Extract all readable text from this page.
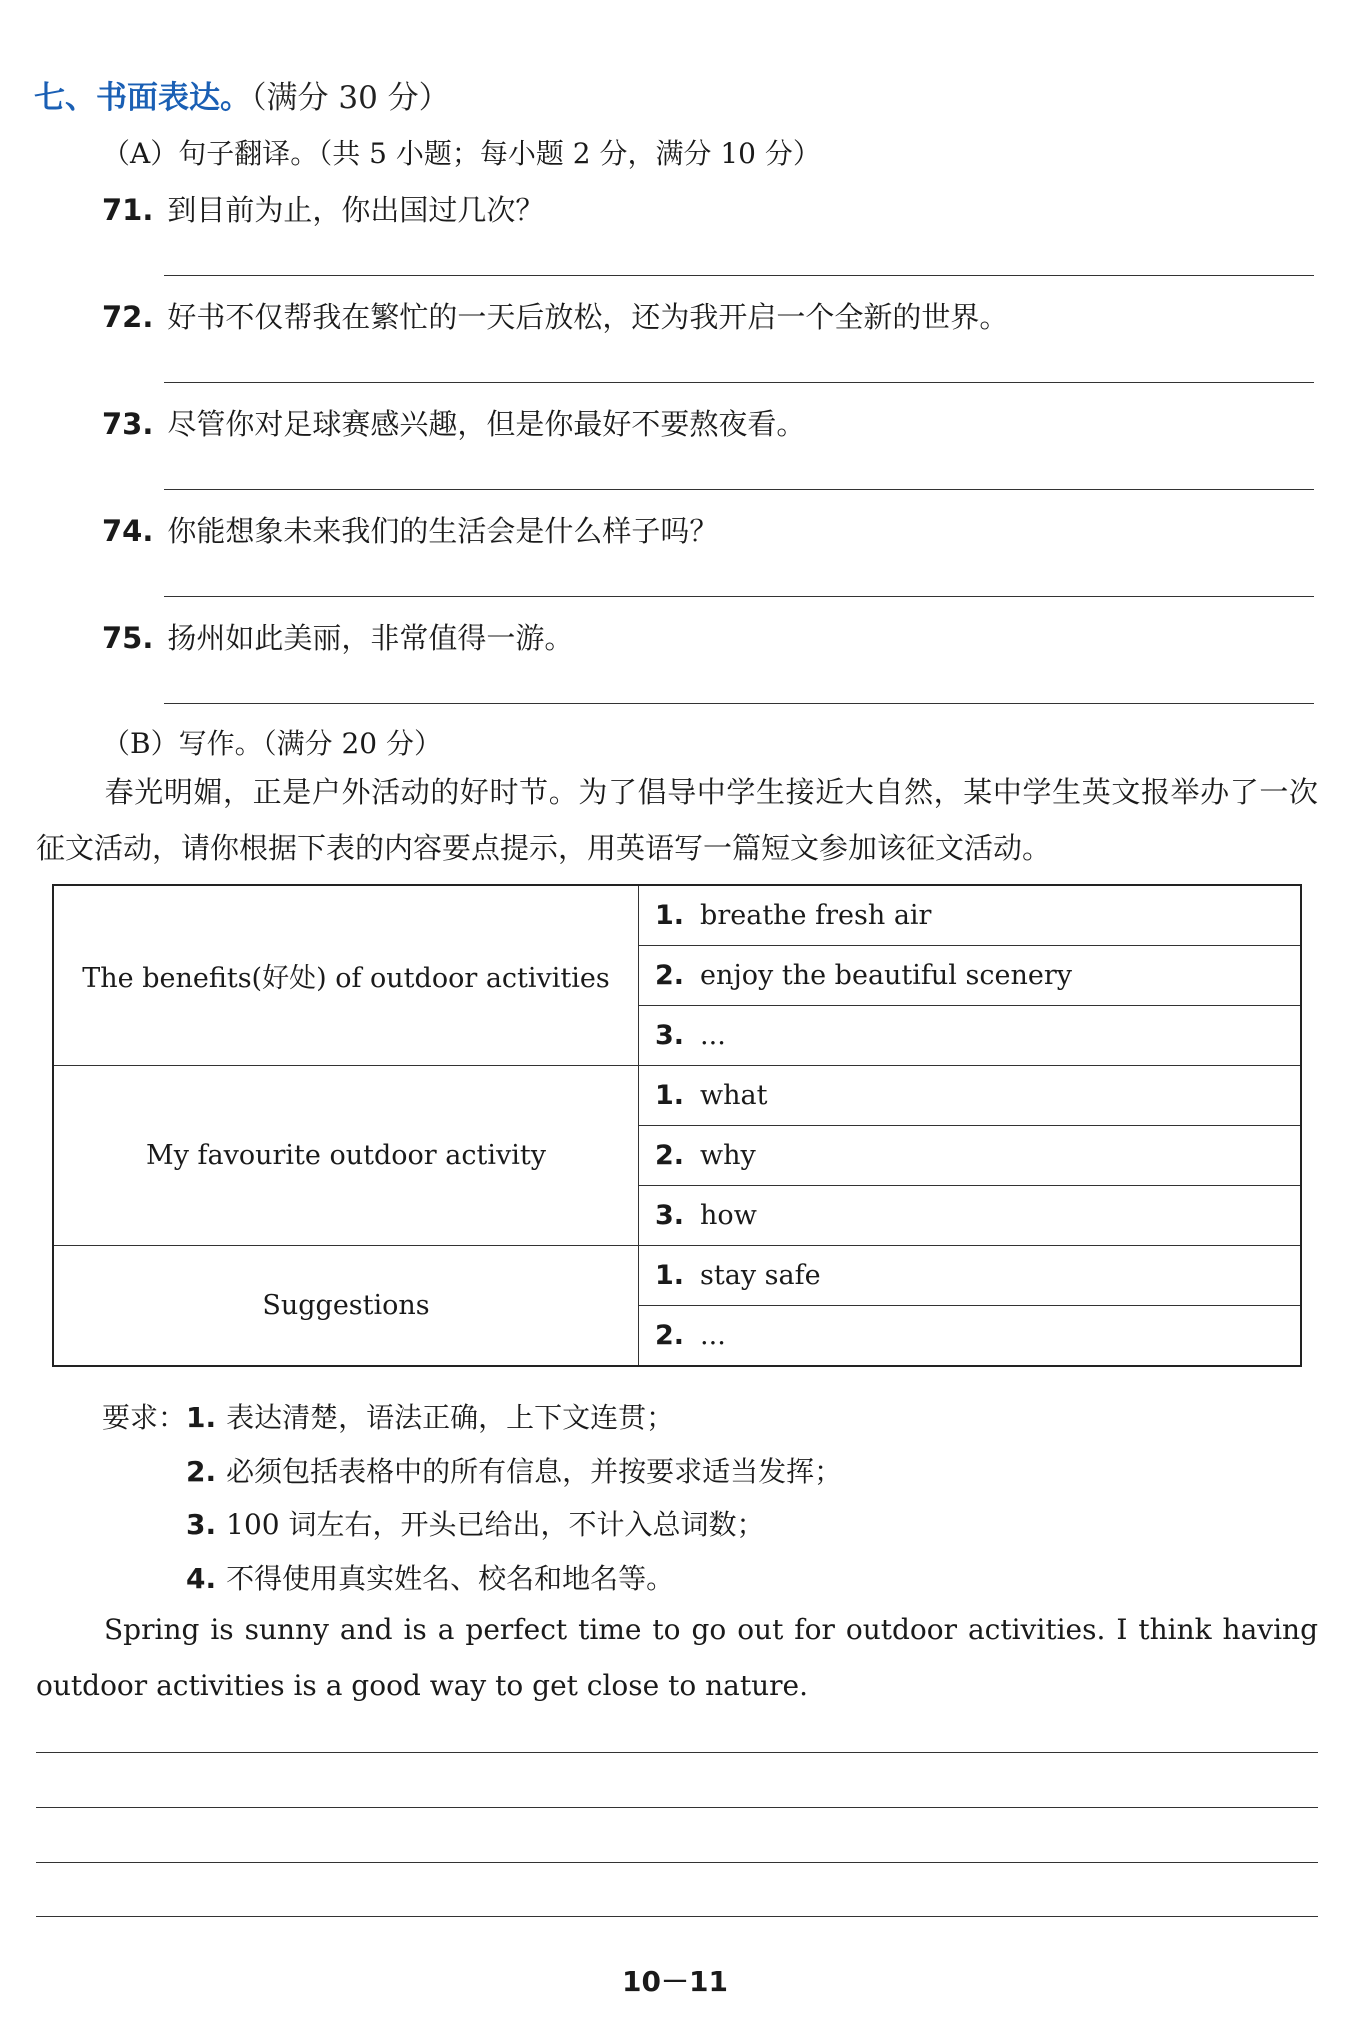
七、书面表达。（满分 30 分）
（A）句子翻译。（共 5 小题；每小题 2 分，满分 10 分）
71. 到目前为止，你出国过几次？
72. 好书不仅帮我在繁忙的一天后放松，还为我开启一个全新的世界。
73. 尽管你对足球赛感兴趣，但是你最好不要熬夜看。
74. 你能想象未来我们的生活会是什么样子吗？
75. 扬州如此美丽，非常值得一游。
（B）写作。（满分 20 分）
春光明媚，正是户外活动的好时节。为了倡导中学生接近大自然，某中学生英文报举办了一次征文活动，请你根据下表的内容要点提示，用英语写一篇短文参加该征文活动。
The benefits(好处) of outdoor activities	1. breathe fresh air
	2. enjoy the beautiful scenery
	3. ...
My favourite outdoor activity	1. what
	2. why
	3. how
Suggestions	1. stay safe
	2. ...
要求：1. 表达清楚，语法正确，上下文连贯；
2. 必须包括表格中的所有信息，并按要求适当发挥；
3. 100 词左右，开头已给出，不计入总词数；
4. 不得使用真实姓名、校名和地名等。
Spring is sunny and is a perfect time to go out for outdoor activities. I think having outdoor activities is a good way to get close to nature.
10－11
